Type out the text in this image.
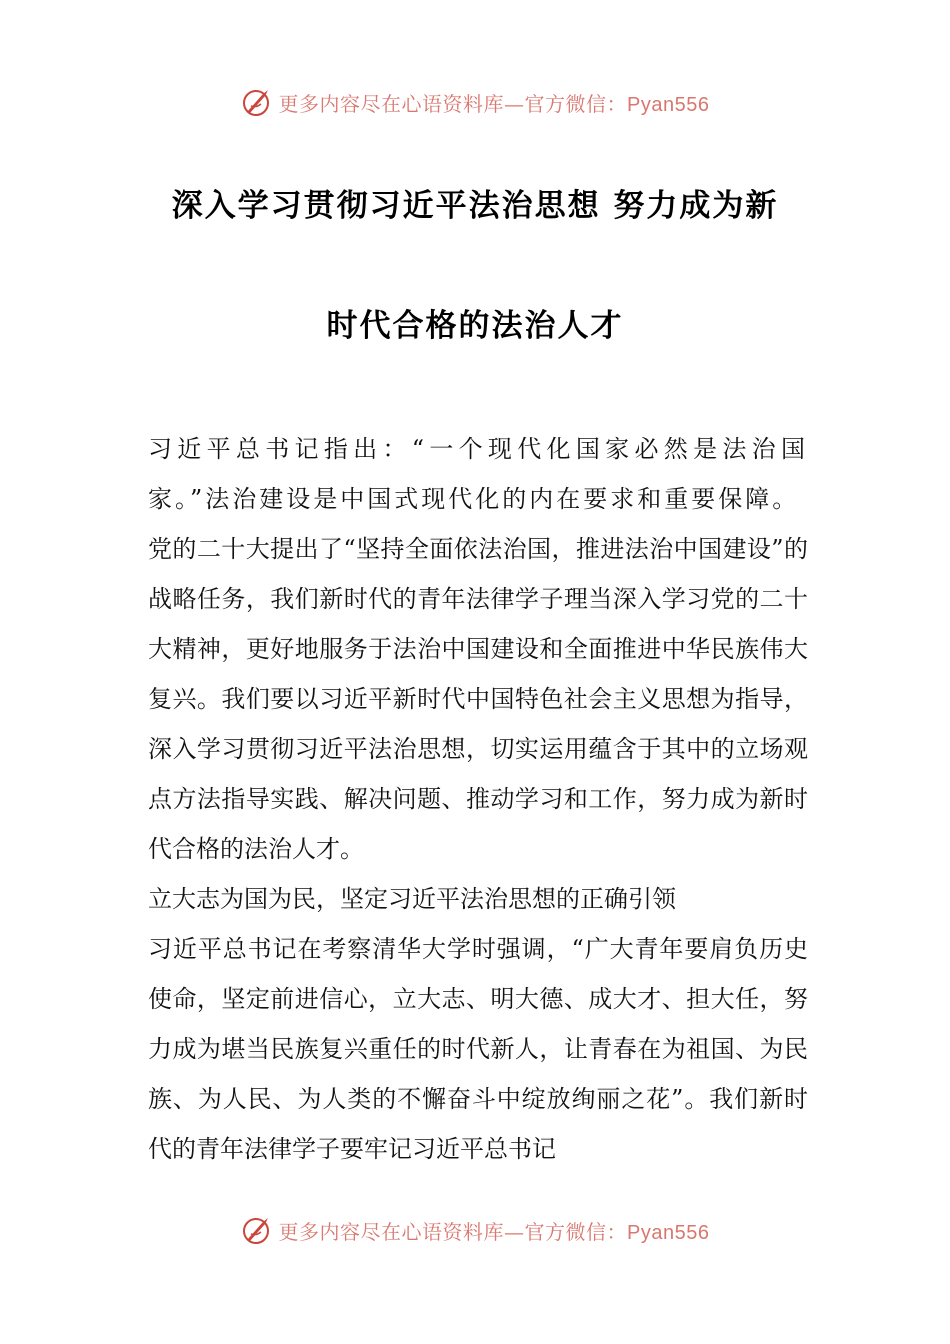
更多内容尽在心语资料库—官方微信：Pyan556
深入学习贯彻习近平法治思想 努力成为新
时代合格的法治人才

习近平总书记指出：“一个现代化国家必然是法治国家。”法治建设是中国式现代化的内在要求和重要保障。

党的二十大提出了“坚持全面依法治国，推进法治中国建设”的战略任务，我们新时代的青年法律学子理当深入学习党的二十大精神，更好地服务于法治中国建设和全面推进中华民族伟大复兴。我们要以习近平新时代中国特色社会主义思想为指导，深入学习贯彻习近平法治思想，切实运用蕴含于其中的立场观点方法指导实践、解决问题、推动学习和工作，努力成为新时代合格的法治人才。

立大志为国为民，坚定习近平法治思想的正确引领

习近平总书记在考察清华大学时强调，“广大青年要肩负历史使命，坚定前进信心，立大志、明大德、成大才、担大任，努力成为堪当民族复兴重任的时代新人，让青春在为祖国、为民族、为人民、为人类的不懈奋斗中绽放绚丽之花”。我们新时代的青年法律学子要牢记习近平总书记

更多内容尽在心语资料库—官方微信：Pyan556
